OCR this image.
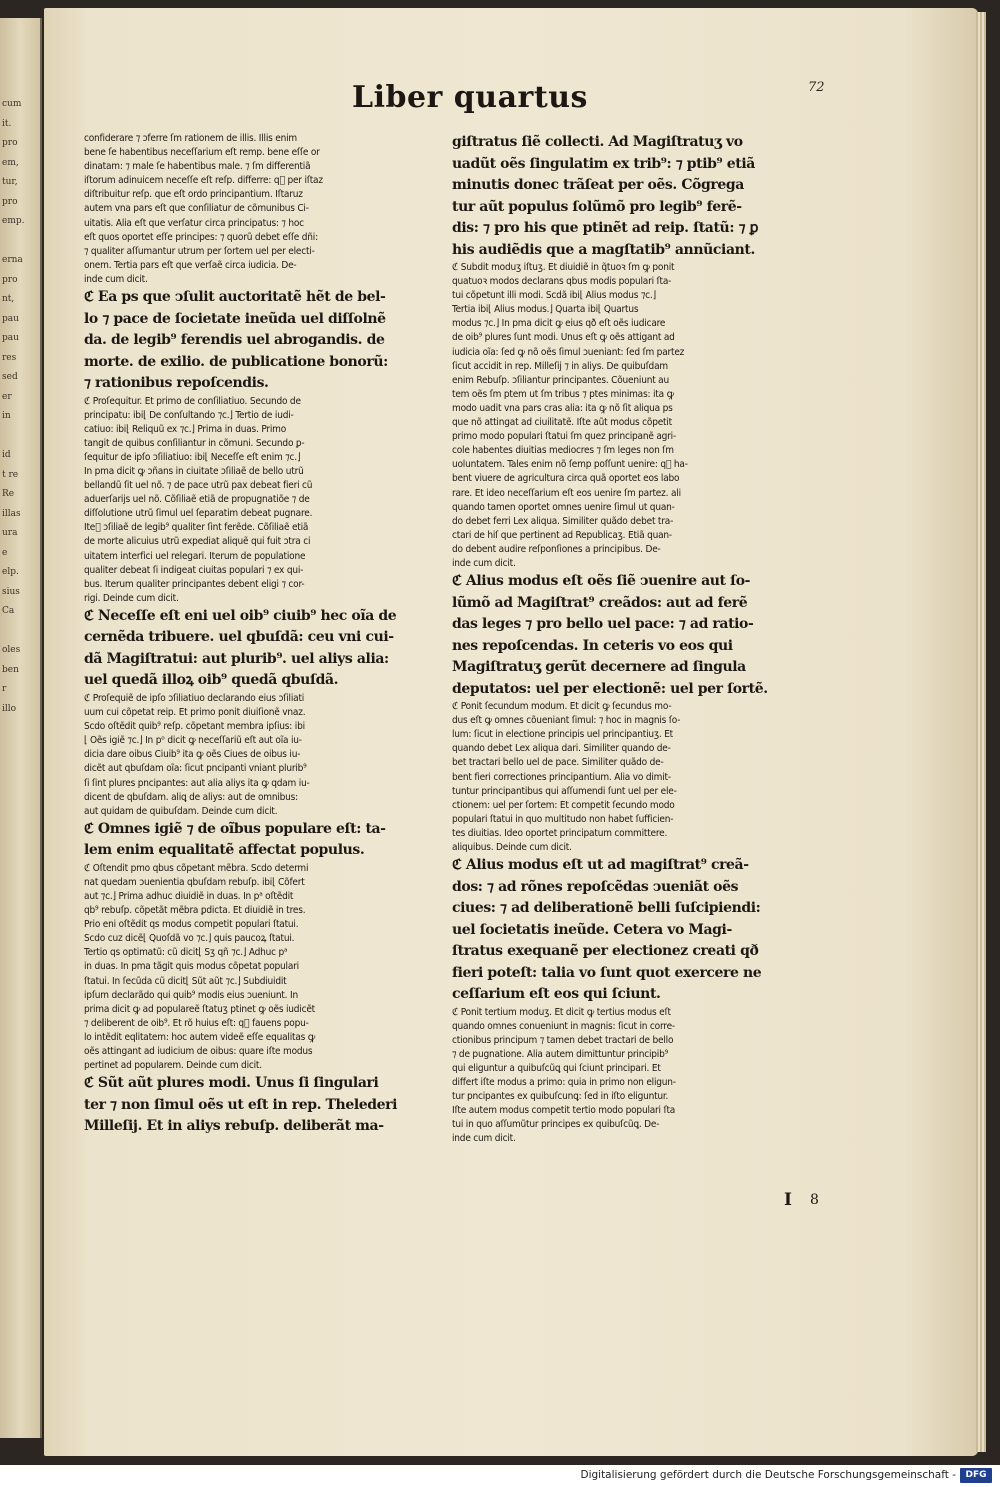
cum
it.
pro
em,
tur,
pro
emp.
erna
pro
nt,
pau
pau
res
sed
er
in
id
t re
Re
illas
ura
e
elp.
sius
Ca
oles
ben
r
illo
Liber quartus	72

confiderare ⁊ ↄferre ſm rationem de illis. Illis enim
bene ſe habentibus neceſſarium eſt remp. bene eſſe or
dinatam: ⁊ male ſe habentibus male. ⁊ ſm differentiã
iſtorum adinuicem neceſſe eſt reſp. differre: q᷑ per iſtaz
diſtribuitur reſp. que eſt ordo principantium. Iſtaruz
autem vna pars eſt que conſiliatur de cõmunibus Ci-
uitatis. Alia eſt que verſatur circa principatus: ⁊ hoc
eſt quos oportet eſſe principes: ⁊ quorũ debet eſſe dñi:
⁊ qualiter aſſumantur utrum per ſortem uel per electi-
onem. Tertia pars eſt que verſaẽ circa iudicia. De-
inde cum dicit.

ℭ Ea ps que ↄſulit auctoritatẽ hẽt de bel-
lo ⁊ pace de ſocietate ineũda uel diſſolnẽ
da. de legib⁹ ferendis uel abrogandis. de
morte. de exilio. de publicatione bonorũ:
⁊ rationibus repoſcendis.

ℭ Proſequitur. Et primo de conſiliatiuo. Secundo de
principatu: ibi⌊ De conſultando ⁊c.⌋ Tertio de iudi-
catiuo: ibi⌊ Reliquũ ex ⁊c.⌋ Prima in duas. Primo
tangit de quibus conſiliantur in cõmuni. Secundo ꝑ-
ſequitur de ipſo ↄſiliatiuo: ibi⌊ Neceſſe eſt enim ⁊c.⌋
In pma dicit ꝙ ↄñans in ciuitate ↄſiliaẽ de bello utrũ
bellandũ ſit uel nõ. ⁊ de pace utrũ pax debeat fieri cũ
aduerſarijs uel nõ. Cõſiliaẽ etiã de propugnatiõe ⁊ de
diſſolutione utrũ ſimul uel ſeparatim debeat pugnare.
Ite᷑ ↄſiliaẽ de legib⁹ qualiter ſint ferẽde. Cõſiliaẽ etiã
de morte alicuius utrũ expediat aliquẽ qui fuit ↄtra ci
uitatem interfici uel relegari. Iterum de populatione
qualiter debeat ſi indigeat ciuitas populari ⁊ ex qui-
bus. Iterum qualiter principantes debent eligi ⁊ cor-
rigi. Deinde cum dicit.

ℭ Neceſſe eſt eni uel oib⁹ ciuib⁹ hec oĩa de
cernẽda tribuere. uel qbuſdã: ceu vni cui-
dã Magiſtratui: aut plurib⁹. uel aliys alia:
uel quedã illoꝝ oib⁹ quedã qbuſdã.

ℭ Proſequiẽ de ipſo ↄſiliatiuo declarando eius ↄſiliati
uum cui cõpetat reip. Et primo ponit diuiſionẽ vnaz.
Scdo oſtẽdit quib⁹ reſp. cõpetant membra ipſius: ibi
⌊ Oẽs igiẽ ⁊c.⌋ In pᵒ dicit ꝙ neceſſariũ eſt aut oĩa iu-
dicia dare oibus Ciuib⁹ ita ꝙ oẽs Ciues de oibus iu-
dicẽt aut qbuſdam oĩa: ſicut pncipanti vniant plurib⁹
ſi ſint plures pncipantes: aut alia aliys ita ꝙ qdam iu-
dicent de qbuſdam. aliꝗ de aliys: aut de omnibus:
aut quidam de quibuſdam. Deinde cum dicit.

ℭ Omnes igiẽ ⁊ de oĩbus populare eſt: ta-
lem enim equalitatẽ affectat populus.

ℭ Oſtendit pmo qbus cõpetant mẽbra. Scdo determi
nat quedam ↄuenientia qbuſdam rebuſp. ibi⌊ Cõfert
aut ⁊c.⌋ Prima adhuc diuidiẽ in duas. In pᵃ oſtẽdit
qb⁹ rebuſp. cõpetãt mẽbra ꝑdicta. Et diuidiẽ in tres.
Prio eni oſtẽdit qs modus competit populari ſtatui.
Scdo cuz dicẽ⌊ Quoſdã vo ⁊c.⌋ quis paucoꝝ ſtatui.
Tertio qs optimatũ: cũ dicit⌊ Sʒ qñ ⁊c.⌋ Adhuc pᵃ
in duas. In pma tãgit quis modus cõpetat populari
ſtatui. In ſecũda cũ dicit⌊ Sũt aũt ⁊c.⌋ Subdiuidit
ipſum declarãdo qui quib⁹ modis eius ↄueniunt. In
prima dicit ꝙ ad populareẽ ſtatuʒ ptinet ꝙ oẽs iudicẽt
⁊ deliberent de oib⁹. Et rõ huius eſt: q᷑ fauens popu-
lo intẽdit eqlitatem: hoc autem videẽ eſſe equalitas ꝙ
oẽs attingant ad iudicium de oibus: quare iſte modus
pertinet ad popularem. Deinde cum dicit.

ℭ Sũt aũt plures modi. Unus ſi ſingulari
ter ⁊ non ſimul oẽs ut eſt in rep. Thelederi
Milleſij. Et in aliys rebuſp. deliberãt ma-

giſtratus ſiẽ collecti. Ad Magiſtratuʒ vo
uadũt oẽs ſingulatim ex trib⁹: ⁊ ptib⁹ etiã
minutis donec trãſeat per oẽs. Cõgrega
tur aũt populus ſolũmõ pro legib⁹ ferẽ-
dis: ⁊ pro his que ptinẽt ad reip. ſtatũ: ⁊ ꝑ
his audiẽdis que a magſtatib⁹ annũciant.

ℭ Subdit moduʒ iſtuʒ. Et diuidiẽ in q̃tuoꝛ ſm ꝙ ponit
quatuoꝛ modos declarans qbus modis populari ſta-
tui cõpetunt illi modi. Scdã ibi⌊ Alius modus ⁊c.⌋
Tertia ibi⌊ Alius modus.⌋ Quarta ibi⌊ Quartus
modus ⁊c.⌋ In pma dicit ꝙ eius qð eſt oẽs iudicare
de oib⁹ plures ſunt modi. Unus eſt ꝙ oẽs attigant ad
iudicia oĩa: ſed ꝙ nõ oẽs ſimul ↄueniant: ſed ſm partez
ſicut accidit in rep. Milleſij ⁊ in aliys. De quibuſdam
enim Rebuſp. ↄſiliantur principantes. Cõueniunt au
tem oẽs ſm ptem ut ſm tribus ⁊ ptes minimas: ita ꝙ
modo uadit vna pars cras alia: ita ꝙ nõ ſit aliqua ps
que nõ attingat ad ciuilitatẽ. Iſte aũt modus cõpetit
primo modo populari ſtatui ſm quez principanẽ agri-
cole habentes diuitias mediocres ⁊ ſm leges non ſm
uoluntatem. Tales enim nõ ſemp poſſunt uenire: q᷑ ha-
bent viuere de agricultura circa quã oportet eos labo
rare. Et ideo neceſſarium eſt eos uenire ſm partez. ali
quando tamen oportet omnes uenire ſimul ut quan-
do debet ferri Lex aliqua. Similiter quãdo debet tra-
ctari de hiſ que pertinent ad Republicaʒ. Etiã quan-
do debent audire reſponſiones a principibus. De-
inde cum dicit.

ℭ Alius modus eſt oẽs ſiẽ ↄuenire aut ſo-
lũmõ ad Magiſtrat⁹ creãdos: aut ad ferẽ
das leges ⁊ pro bello uel pace: ⁊ ad ratio-
nes repoſcendas. In ceteris vo eos qui
Magiſtratuʒ gerũt decernere ad ſingula
deputatos: uel per electionẽ: uel per ſortẽ.

ℭ Ponit ſecundum modum. Et dicit ꝙ ſecundus mo-
dus eſt ꝙ omnes cõueniant ſimul: ⁊ hoc in magnis ſo-
lum: ſicut in electione principis uel principantiuʒ. Et
quando debet Lex aliqua dari. Similiter quando de-
bet tractari bello uel de pace. Similiter quãdo de-
bent fieri correctiones principantium. Alia vo dimit-
tuntur principantibus qui aſſumendi ſunt uel per ele-
ctionem: uel per ſortem: Et competit ſecundo modo
populari ſtatui in quo multitudo non habet ſufficien-
tes diuitias. Ideo oportet principatum committere.
aliquibus. Deinde cum dicit.

ℭ Alius modus eſt ut ad magiſtrat⁹ creã-
dos: ⁊ ad rõnes repoſcẽdas ↄueniãt oẽs
ciues: ⁊ ad deliberationẽ belli ſuſcipiendi:
uel ſocietatis ineũde. Cetera vo Magi-
ſtratus exequanẽ per electionez creati qð
fieri poteſt: talia vo ſunt quot exercere ne
ceſſarium eſt eos qui ſciunt.

ℭ Ponit tertium moduʒ. Et dicit ꝙ tertius modus eſt
quando omnes conueniunt in magnis: ſicut in corre-
ctionibus principum ⁊ tamen debet tractari de bello
⁊ de pugnatione. Alia autem dimittuntur principib⁹
qui eliguntur a quibuſcũꝗ qui ſciunt principari. Et
differt iſte modus a primo: quia in primo non eligun-
tur pncipantes ex quibuſcunꝗ: ſed in iſto eliguntur.
Iſte autem modus competit tertio modo populari ſta
tui in quo aſſumũtur principes ex quibuſcũꝗ. De-
inde cum dicit.

I 8
Digitalisierung gefördert durch die Deutsche Forschungsgemeinschaft -	DFG
